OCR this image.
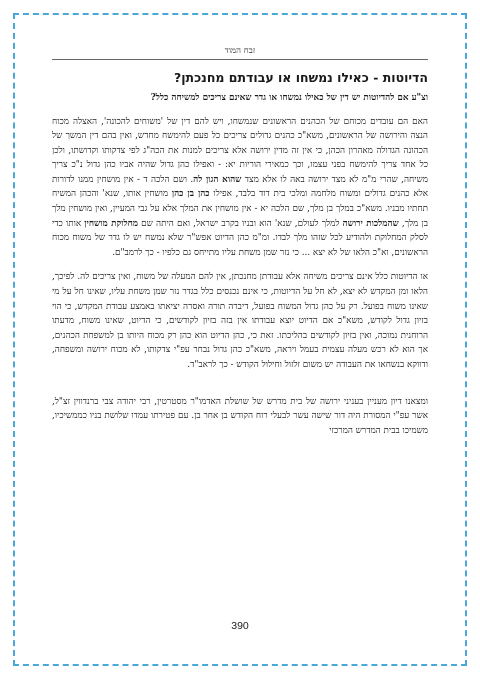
זבח המוד
הדיוטות - כאילו נמשחו או עבודתם מחנכתן?

וצ"ע אם להדיוטות יש דין של כאילו נמשחו או גדר שאינם צריכים למשיחה כלל?

האם הם עובדים מכוחם של הכהנים הראשונים שנמשחו, ויש להם דין של 'משוחים להכונה', האצלה מכוח הנצה והירושה של הראשונים, משא"כ כהנים גדולים צריכים כל פעם להימשח מחדש, ואין בהם דין המשך של הכהונה הגדולה מאהרון הכהן, כי אין זה מדין ירושה אלא צריכים למנות את הכה"ג לפי צדקותו וקדושתו, ולכן כל אחד צריך להימשח בפני עצמו, וכך כמאירי הוריות יא: - ואפילו כהן גדול שהיה אביו כהן גדול נ"כ צריך משיחה, שהרי מ"מ לא מצד ירושה באה לו אלא מצד שהוא הגון לה. ושם הלכה ד - אין מושחין ממנו לדורות אלא כהנים גדולים ומשוח מלחמה ומלכי בית דוד בלבד, אפילו כהן בן כהן מושחין אותו, שנא' והכהן המשיח תחתיו מבניו. משא"כ במלך בן מלך, שם הלכה יא - אין מושחין את המלך אלא על גבי המעיין, ואין מושחין מלך בן מלך, שהמלכות ירושה למלך לעולם, שנא' הוא ובניו בקרב ישראל, ואם היתה שם מחלוקת מושחין אותו כדי לסלק המחלוקת ולהודיע לכל שזהו מלך לבדו. ומ"מ כהן הדיוט אפש"ר שלא נמשח יש לו גדר של משוח מכוח הראשונים, וא"כ הלאו של לא יצא ... כי נזר שמן משחת עליו מתייחס גם כלפיו - כך לרמב"ם.

או הדיוטות כלל אינם צריכים משיחה אלא עבודתן מחנכתן, אין להם המעלה של משוח, ואין צריכים לה. לפיכך, הלאו ומן המקדש לא יצא, לא חל על הדיוטות, כי אינם נכנסים כלל בגדר נזר שמן משחת עליו, שאינו חל על מי שאינו משוח בפועל. רק על כהן גדול המשוח בפועל, דיברה תורה ואסרה יציאתו באמצע עבודת המקדש, כי הוי בזיון גדול לקודש, משא"כ אם הדיוט יוצא עבודתו אין בזה בזיון לקודשים, כי הדיוט, שאינו משוח, מדעתו הרוחנית נמוכה, ואין בזיון לקודשים בהליכתו. זאת כי, כהן הדיוט הוא כהן רק מכוח היותו בן למשפחת הכהנים, אך הוא לא רכש מעלה עצמית בעמל ויראה, משא"כ כהן גדול נבחר עפ"י צדקותו, לא מכוח ירושה ומשפחה, ודווקא בנשחאו את העבודה יש משום זלזול וחילול הקודש - כך לראב"ד.

ומצאנו דיון מעניין בעניני ירושה של בית מדרש של שושלת האדמו"ר מסטרטין, רבי יהודה צבי ברנדווין זצ"ל, אשר עפ"י המסורת היה דור שישה עשר לבעלי רוח הקודש בן אחר בן. עם פטירתו עמדו שלושת בניו כממשיכיו, משמיכו בבית המדרש המרכזי

390
